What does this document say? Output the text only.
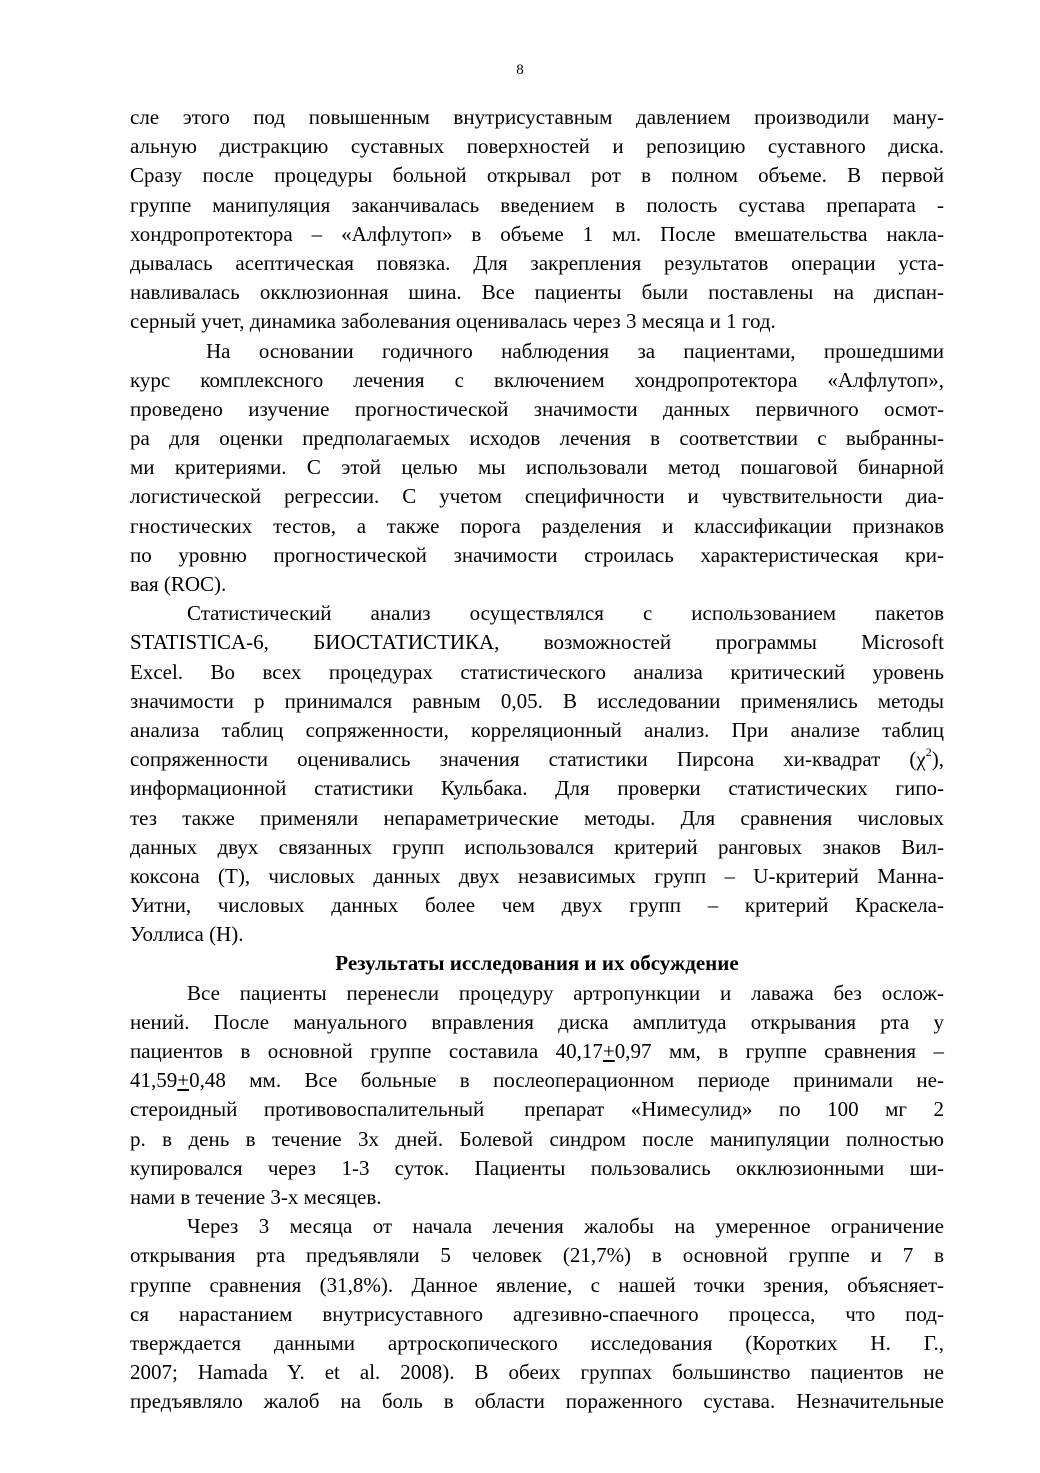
8
сле этого под повышенным внутрисуставным давлением производили ману-
альную дистракцию суставных поверхностей и репозицию суставного диска.
Сразу после процедуры больной открывал рот в полном объеме. В первой
группе манипуляция заканчивалась введением в полость сустава препарата -
хондропротектора – «Алфлутоп» в объеме 1 мл. После вмешательства накла-
дывалась асептическая повязка. Для закрепления результатов операции уста-
навливалась окклюзионная шина. Все пациенты были поставлены на диспан-
серный учет, динамика заболевания оценивалась через 3 месяца и 1 год.
На основании годичного наблюдения за пациентами, прошедшими
курс комплексного лечения с включением хондропротектора «Алфлутоп»,
проведено изучение прогностической значимости данных первичного осмот-
ра для оценки предполагаемых исходов лечения в соответствии с выбранны-
ми критериями. С этой целью мы использовали метод пошаговой бинарной
логистической регрессии. С учетом специфичности и чувствительности диа-
гностических тестов, а также порога разделения и классификации признаков
по уровню прогностической значимости строилась характеристическая кри-
вая (ROC).
Статистический анализ осуществлялся с использованием пакетов
STATISTICA-6, БИОСТАТИСТИКА, возможностей программы Microsoft
Excel. Во всех процедурах статистического анализа критический уровень
значимости p принимался равным 0,05. В исследовании применялись методы
анализа таблиц сопряженности, корреляционный анализ. При анализе таблиц
сопряженности оценивались значения статистики Пирсона хи-квадрат $(\chi^2)$,
информационной статистики Кульбака. Для проверки статистических гипо-
тез также применяли непараметрические методы. Для сравнения числовых
данных двух связанных групп использовался критерий ранговых знаков Вил-
коксона (T), числовых данных двух независимых групп – U-критерий Манна-
Уитни, числовых данных более чем двух групп – критерий Краскела-
Уоллиса (H).
Результаты исследования и их обсуждение
Все пациенты перенесли процедуру артропункции и лаважа без ослож-
нений. После мануального вправления диска амплитуда открывания рта у
пациентов в основной группе составила 40,17+0,97 мм, в группе сравнения –
41,59+0,48 мм. Все больные в послеоперационном периоде принимали не-
стероидный противовоспалительный препарат «Нимесулид» по 100 мг 2
р. в день в течение 3х дней. Болевой синдром после манипуляции полностью
купировался через 1-3 суток. Пациенты пользовались окклюзионными ши-
нами в течение 3-х месяцев.
Через 3 месяца от начала лечения жалобы на умеренное ограничение
открывания рта предъявляли 5 человек (21,7%) в основной группе и 7 в
группе сравнения (31,8%). Данное явление, с нашей точки зрения, объясняет-
ся нарастанием внутрисуставного адгезивно-спаечного процесса, что под-
тверждается данными артроскопического исследования (Коротких Н. Г.,
2007; Hamada Y. et al. 2008). В обеих группах большинство пациентов не
предъявляло жалоб на боль в области пораженного сустава. Незначительные
